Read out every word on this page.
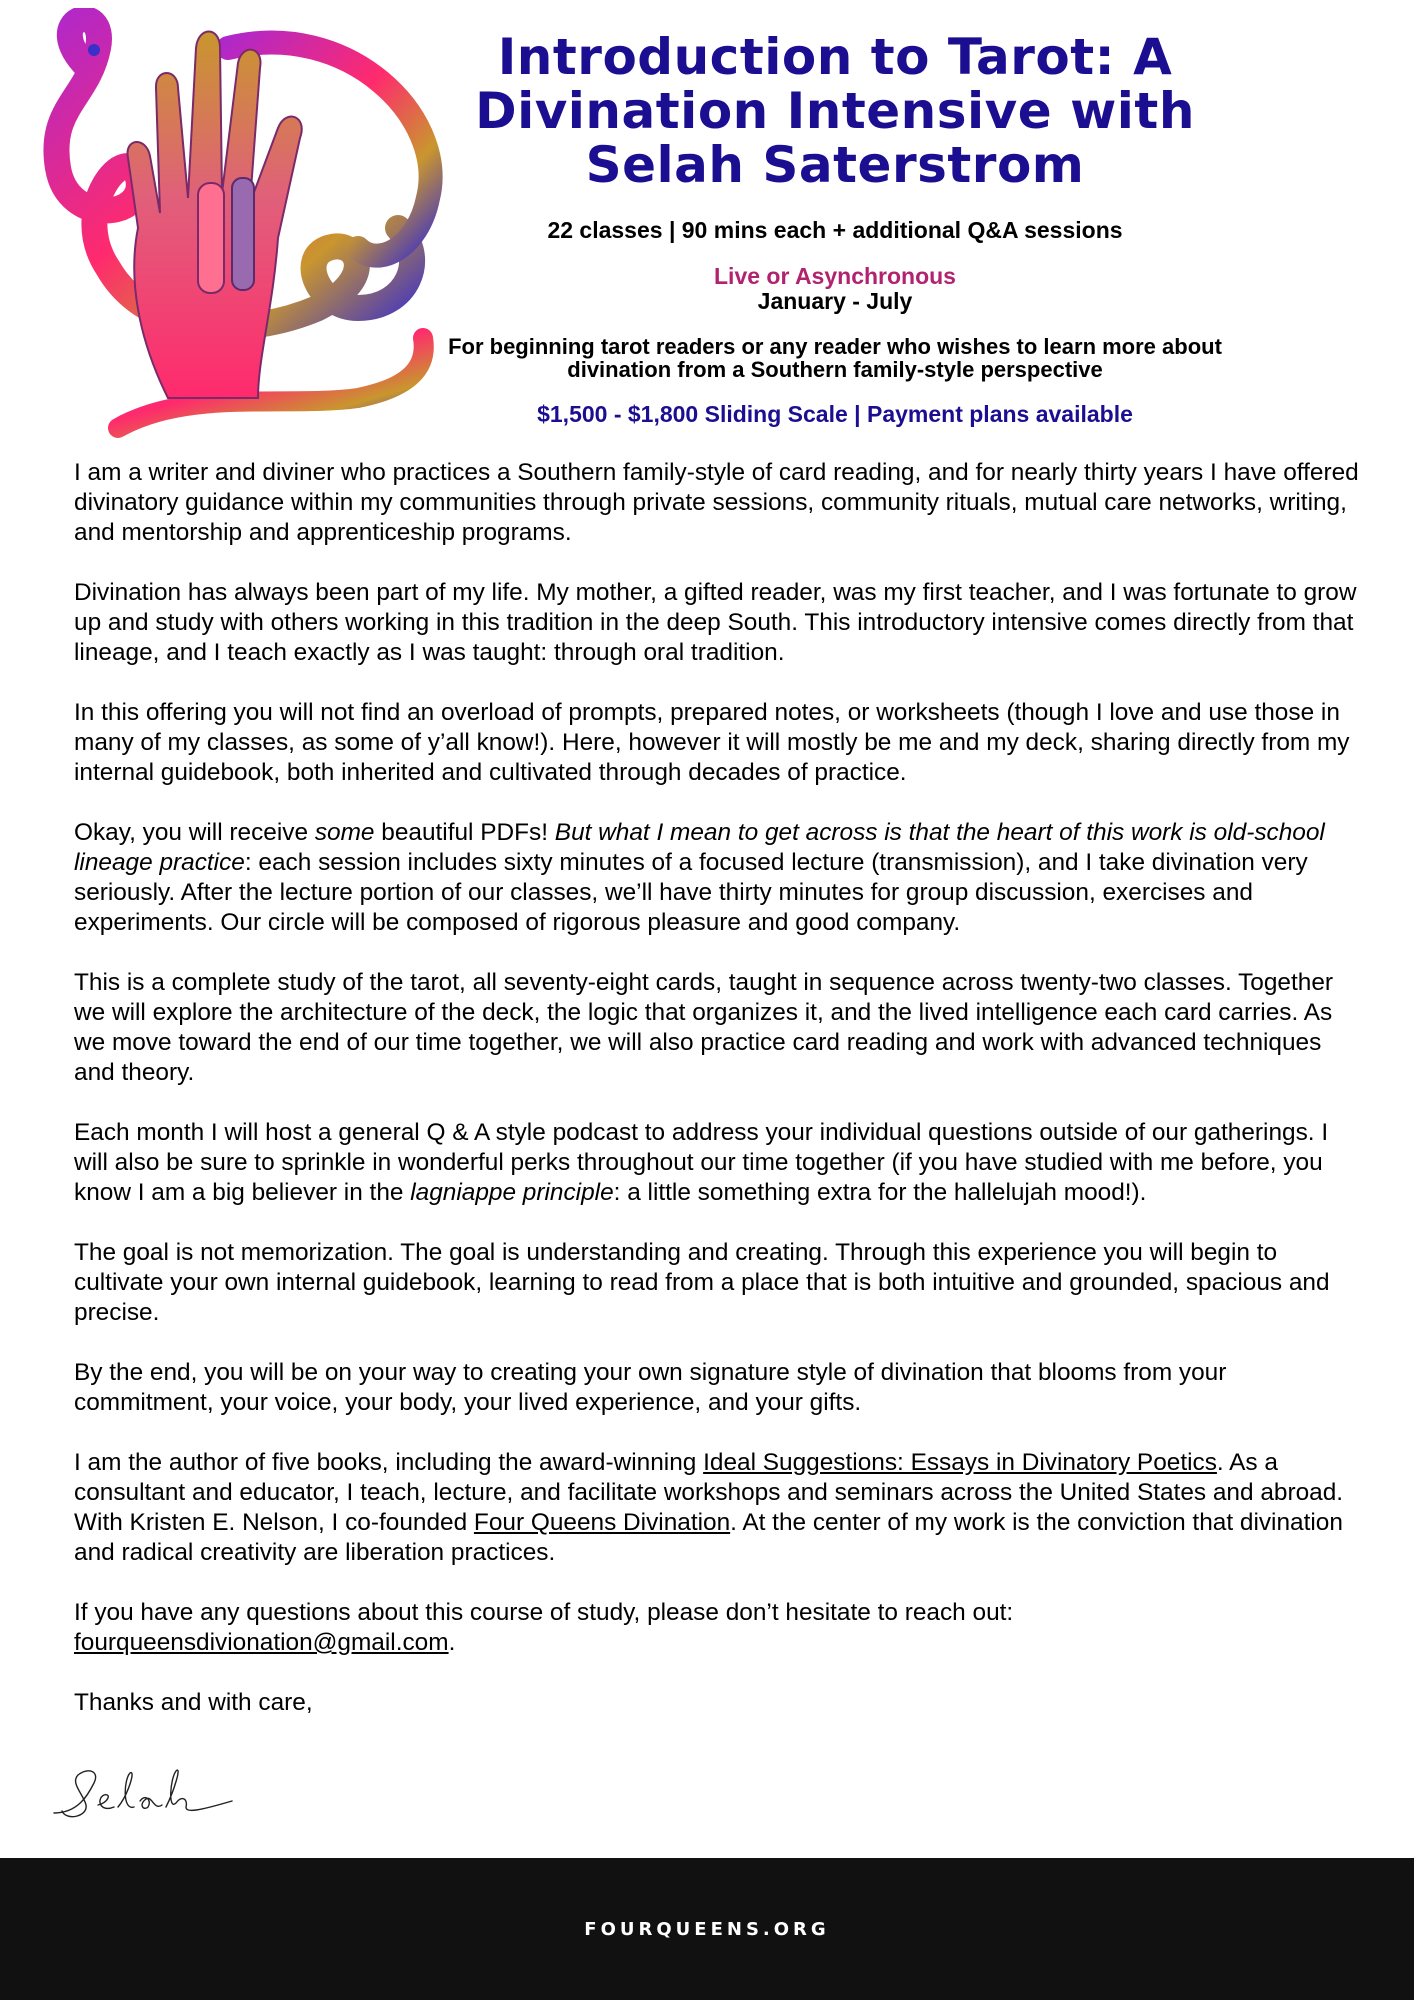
Introduction to Tarot: A Divination Intensive with Selah Saterstrom
22 classes | 90 mins each + additional Q&A sessions
Live or Asynchronous
January - July
For beginning tarot readers or any reader who wishes to learn more about divination from a Southern family-style perspective
$1,500 - $1,800 Sliding Scale | Payment plans available

I am a writer and diviner who practices a Southern family-style of card reading, and for nearly thirty years I have offered divinatory guidance within my communities through private sessions, community rituals, mutual care networks, writing, and mentorship and apprenticeship programs.

Divination has always been part of my life. My mother, a gifted reader, was my first teacher, and I was fortunate to grow up and study with others working in this tradition in the deep South. This introductory intensive comes directly from that lineage, and I teach exactly as I was taught: through oral tradition.

In this offering you will not find an overload of prompts, prepared notes, or worksheets (though I love and use those in many of my classes, as some of y’all know!). Here, however it will mostly be me and my deck, sharing directly from my internal guidebook, both inherited and cultivated through decades of practice.

Okay, you will receive some beautiful PDFs! But what I mean to get across is that the heart of this work is old-school lineage practice: each session includes sixty minutes of a focused lecture (transmission), and I take divination very seriously. After the lecture portion of our classes, we’ll have thirty minutes for group discussion, exercises and experiments. Our circle will be composed of rigorous pleasure and good company.

This is a complete study of the tarot, all seventy-eight cards, taught in sequence across twenty-two classes. Together we will explore the architecture of the deck, the logic that organizes it, and the lived intelligence each card carries. As we move toward the end of our time together, we will also practice card reading and work with advanced techniques and theory.

Each month I will host a general Q & A style podcast to address your individual questions outside of our gatherings. I will also be sure to sprinkle in wonderful perks throughout our time together (if you have studied with me before, you know I am a big believer in the lagniappe principle: a little something extra for the hallelujah mood!).

The goal is not memorization. The goal is understanding and creating. Through this experience you will begin to cultivate your own internal guidebook, learning to read from a place that is both intuitive and grounded, spacious and precise.

By the end, you will be on your way to creating your own signature style of divination that blooms from your commitment, your voice, your body, your lived experience, and your gifts.

I am the author of five books, including the award-winning Ideal Suggestions: Essays in Divinatory Poetics. As a consultant and educator, I teach, lecture, and facilitate workshops and seminars across the United States and abroad. With Kristen E. Nelson, I co-founded Four Queens Divination. At the center of my work is the conviction that divination and radical creativity are liberation practices.

If you have any questions about this course of study, please don’t hesitate to reach out: fourqueensdivionation@gmail.com.

Thanks and with care,

FOURQUEENS.ORG
